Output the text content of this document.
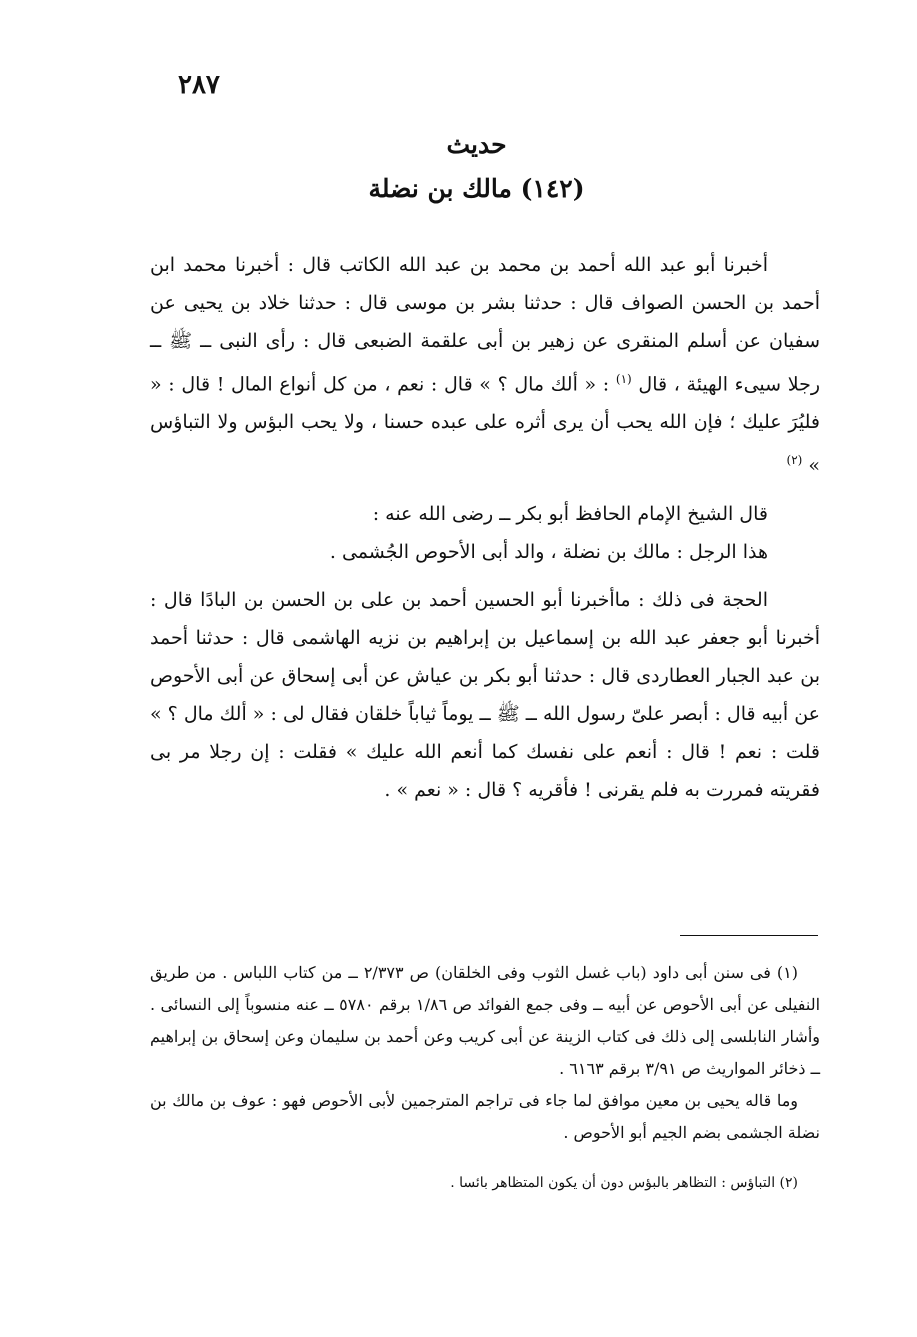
٢٨٧
حديث
(١٤٢) مالك بن نضلة

أخبرنا أبو عبد الله أحمد بن محمد بن عبد الله الكاتب قال : أخبرنا محمد ابن أحمد بن الحسن الصواف قال : حدثنا بشر بن موسى قال : حدثنا خلاد بن يحيى عن سفيان عن أسلم المنقرى عن زهير بن أبى علقمة الضبعى قال : رأى النبى ــ ﷺ ــ رجلا سيىء الهيئة ، قال $^{(١)}$ : « ألك مال ؟ » قال : نعم ، من كل أنواع المال ! قال : « فليُرَ عليك ؛ فإن الله يحب أن يرى أثره على عبده حسنا ، ولا يحب البؤس ولا التباؤس » $^{(٢)}$

قال الشيخ الإمام الحافظ أبو بكر ــ رضى الله عنه :

هذا الرجل : مالك بن نضلة ، والد أبى الأحوص الجُشمى .

الحجة فى ذلك : ماأخبرنا أبو الحسين أحمد بن على بن الحسن بن البادًا قال : أخبرنا أبو جعفر عبد الله بن إسماعيل بن إبراهيم بن نزيه الهاشمى قال : حدثنا أحمد بن عبد الجبار العطاردى قال : حدثنا أبو بكر بن عياش عن أبى إسحاق عن أبى الأحوص عن أبيه قال : أبصر علىّ رسول الله ــ ﷺ ــ يوماً ثياباً خلقان فقال لى : « ألك مال ؟ » قلت : نعم ! قال : أنعم على نفسك كما أنعم الله عليك » فقلت : إن رجلا مر بى فقريته فمررت به فلم يقرنى ! فأقريه ؟ قال : « نعم » .

(١) فى سنن أبى داود (باب غسل الثوب وفى الخلقان) ص ٢/٣٧٣ ــ من كتاب اللباس . من طريق النفيلى عن أبى الأحوص عن أبيه ــ وفى جمع الفوائد ص ١/٨٦ برقم ٥٧٨٠ ــ عنه منسوباً إلى النسائى . وأشار النابلسى إلى ذلك فى كتاب الزينة عن أبى كريب وعن أحمد بن سليمان وعن إسحاق بن إبراهيم ــ ذخائر المواريث ص ٣/٩١ برقم ٦١٦٣ .

وما قاله يحيى بن معين موافق لما جاء فى تراجم المترجمين لأبى الأحوص فهو : عوف بن مالك بن نضلة الجشمى بضم الجيم أبو الأحوص .

(٢) التباؤس : التظاهر بالبؤس دون أن يكون المتظاهر بائسا .
